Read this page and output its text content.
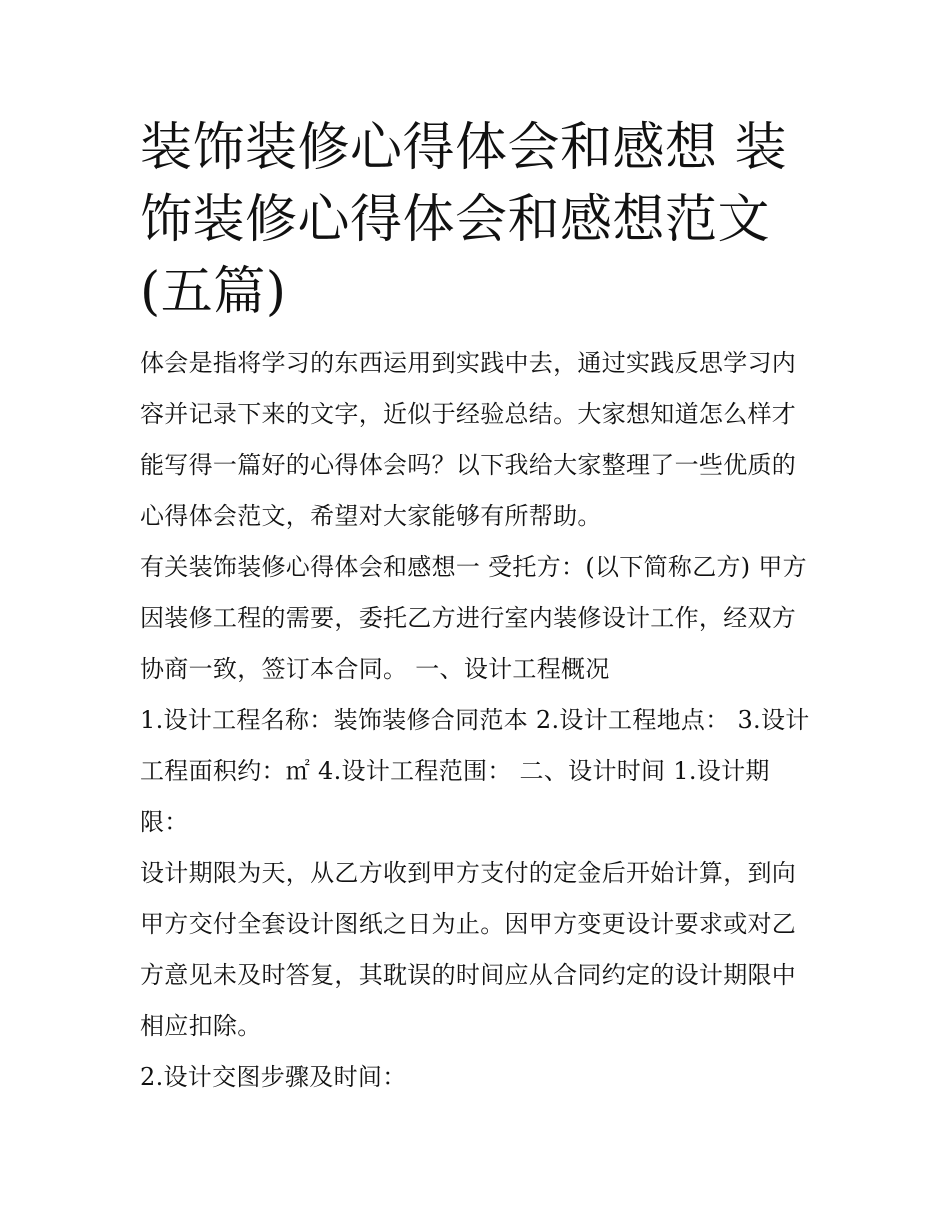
装饰装修心得体会和感想 装饰装修心得体会和感想范文(五篇)

体会是指将学习的东西运用到实践中去，通过实践反思学习内容并记录下来的文字，近似于经验总结。大家想知道怎么样才能写得一篇好的心得体会吗？以下我给大家整理了一些优质的心得体会范文，希望对大家能够有所帮助。

有关装饰装修心得体会和感想一 受托方：(以下简称乙方) 甲方因装修工程的需要，委托乙方进行室内装修设计工作，经双方协商一致，签订本合同。 一、设计工程概况

1.设计工程名称：装饰装修合同范本 2.设计工程地点： 3.设计工程面积约：㎡ 4.设计工程范围： 二、设计时间 1.设计期限：

设计期限为天，从乙方收到甲方支付的定金后开始计算，到向甲方交付全套设计图纸之日为止。因甲方变更设计要求或对乙方意见未及时答复，其耽误的时间应从合同约定的设计期限中相应扣除。

2.设计交图步骤及时间：
